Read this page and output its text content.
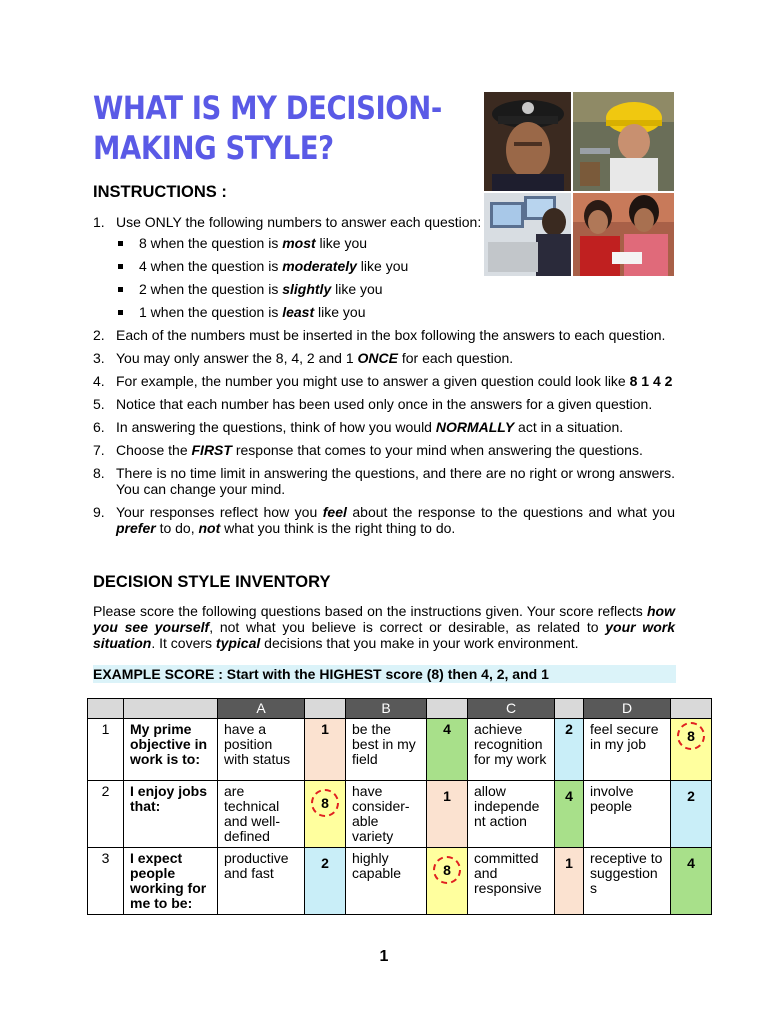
WHAT IS MY DECISION-
MAKING STYLE?
INSTRUCTIONS :
1. Use ONLY the following numbers to answer each question:
8 when the question is most like you
4 when the question is moderately like you
2 when the question is slightly like you
1 when the question is least like you
2. Each of the numbers must be inserted in the box following the answers to each question.
3. You may only answer the 8, 4, 2 and 1 ONCE for each question.
4. For example, the number you might use to answer a given question could look like 8 1 4 2
5. Notice that each number has been used only once in the answers for a given question.
6. In answering the questions, think of how you would NORMALLY act in a situation.
7. Choose the FIRST response that comes to your mind when answering the questions.
8. There is no time limit in answering the questions, and there are no right or wrong answers. You can change your mind.
9. Your responses reflect how you feel about the response to the questions and what you prefer to do, not what you think is the right thing to do.
DECISION STYLE INVENTORY

Please score the following questions based on the instructions given. Your score reflects how you see yourself, not what you believe is correct or desirable, as related to your work situation. It covers typical decisions that you make in your work environment.

EXAMPLE SCORE : Start with the HIGHEST score (8) then 4, 2, and 1
		A		B		C		D	
1	My prime objective in work is to:	have a position with status	1	be the best in my field	4	achieve recognition for my work	2	feel secure in my job	8
2	I enjoy jobs that:	are technical and well-defined	8	have consider-able variety	1	allow independe nt action	4	involve people	2
3	I expect people working for me to be:	productive and fast	2	highly capable	8	committed and responsive	1	receptive to suggestion s	4
1
